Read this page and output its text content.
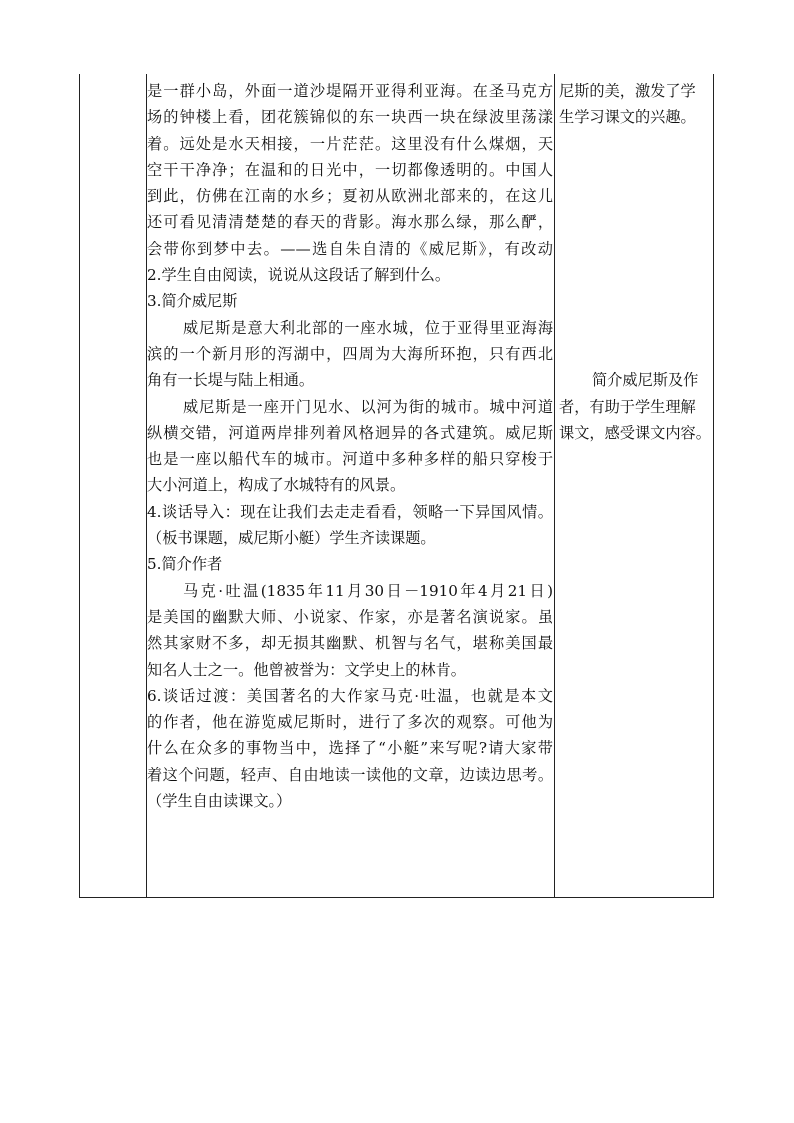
是一群小岛，外面一道沙堤隔开亚得利亚海。在圣马克方
场的钟楼上看，团花簇锦似的东一块西一块在绿波里荡漾
着。远处是水天相接，一片茫茫。这里没有什么煤烟，天
空干干净净；在温和的日光中，一切都像透明的。中国人
到此，仿佛在江南的水乡；夏初从欧洲北部来的，在这儿
还可看见清清楚楚的春天的背影。海水那么绿，那么酽，
会带你到梦中去。——选自朱自清的《威尼斯》，有改动
2.学生自由阅读，说说从这段话了解到什么。
3.简介威尼斯
威尼斯是意大利北部的一座水城，位于亚得里亚海海
滨的一个新月形的泻湖中，四周为大海所环抱，只有西北
角有一长堤与陆上相通。
威尼斯是一座开门见水、以河为街的城市。城中河道
纵横交错，河道两岸排列着风格迥异的各式建筑。威尼斯
也是一座以船代车的城市。河道中多种多样的船只穿梭于
大小河道上，构成了水城特有的风景。
4.谈话导入：现在让我们去走走看看，领略一下异国风情。
（板书课题，威尼斯小艇）学生齐读课题。
5.简介作者
马克·吐温(1835年11月30日－1910年4月21日)
是美国的幽默大师、小说家、作家，亦是著名演说家。虽
然其家财不多，却无损其幽默、机智与名气，堪称美国最
知名人士之一。他曾被誉为：文学史上的林肯。
6.谈话过渡：美国著名的大作家马克·吐温，也就是本文
的作者，他在游览威尼斯时，进行了多次的观察。可他为
什么在众多的事物当中，选择了“小艇”来写呢?请大家带
着这个问题，轻声、自由地读一读他的文章，边读边思考。
（学生自由读课文。）
尼斯的美，激发了学
生学习课文的兴趣。
简介威尼斯及作
者，有助于学生理解
课文，感受课文内容。
